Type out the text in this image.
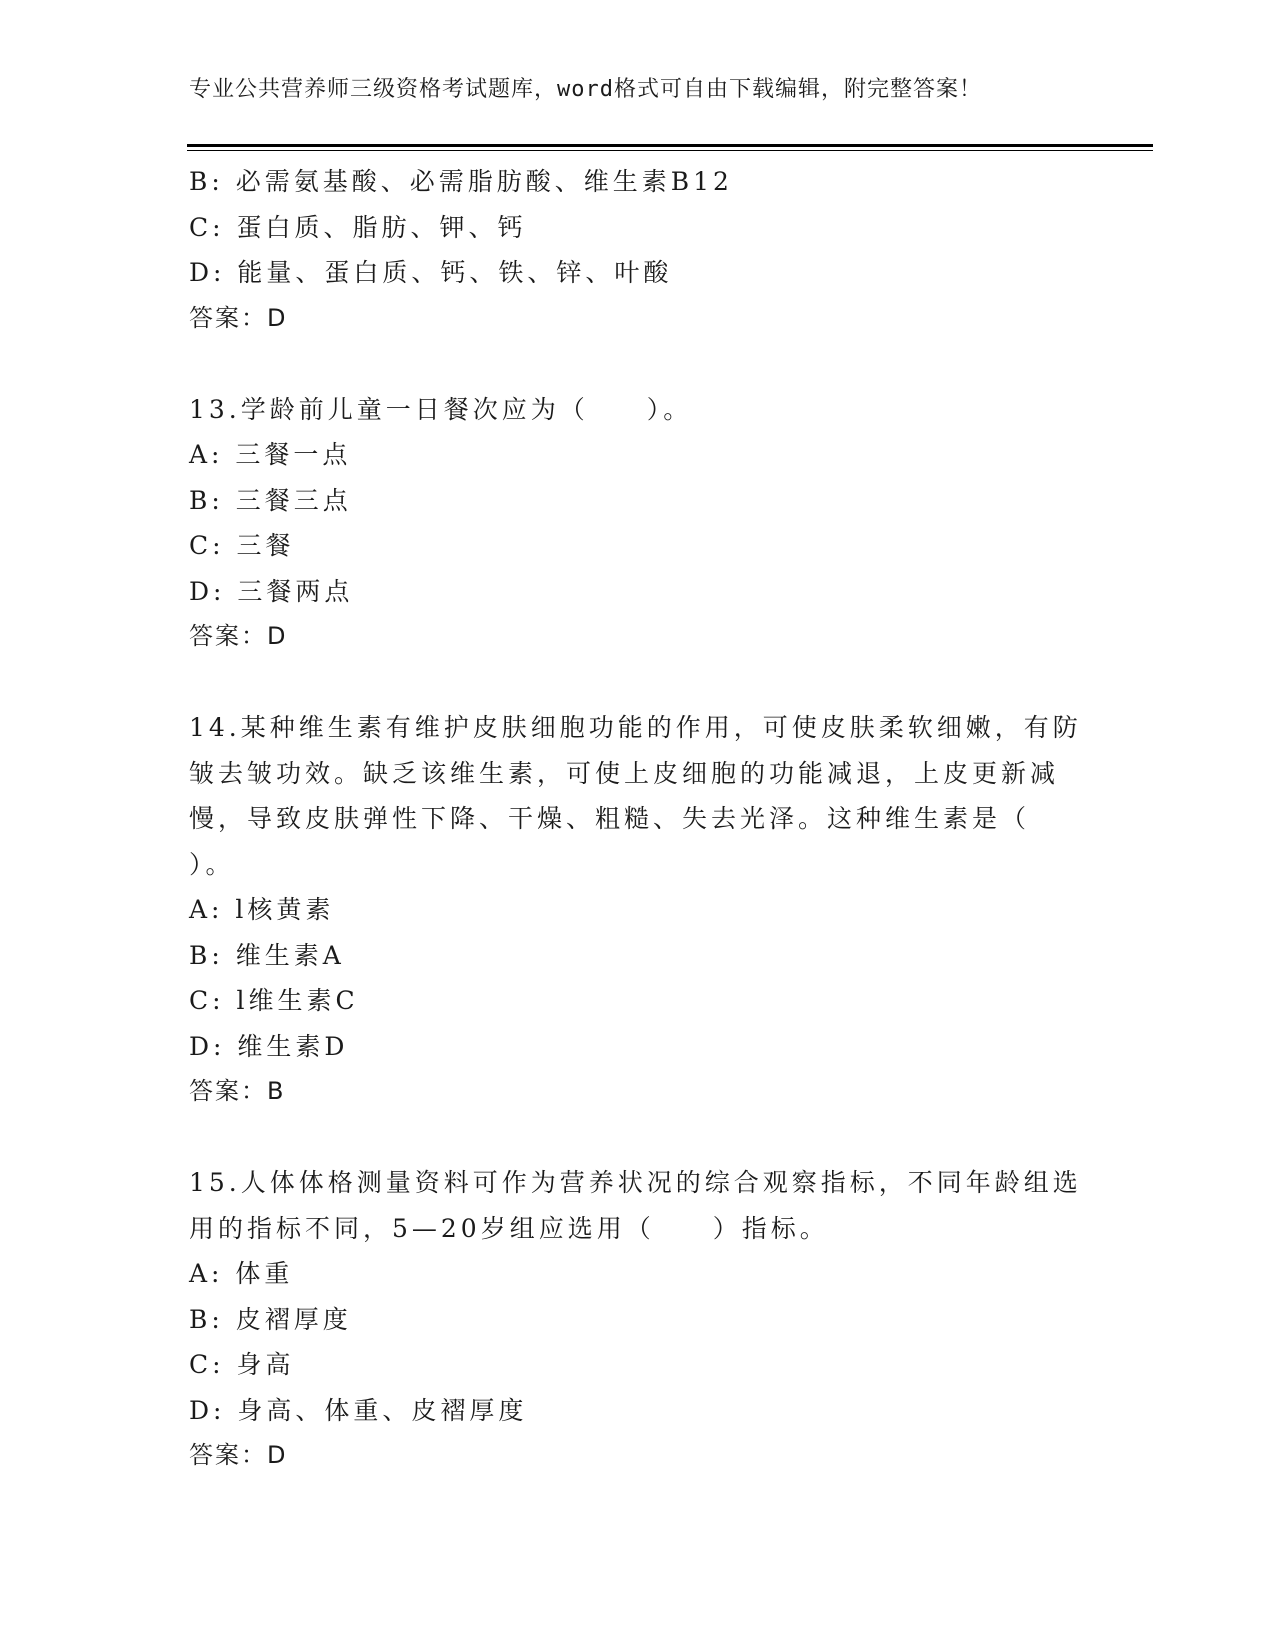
专业公共营养师三级资格考试题库，word格式可自由下载编辑，附完整答案！
B: 必需氨基酸、必需脂肪酸、维生素B12
C: 蛋白质、脂肪、钾、钙
D: 能量、蛋白质、钙、铁、锌、叶酸
答案：D
13.学龄前儿童一日餐次应为（　　）。
A: 三餐一点
B: 三餐三点
C: 三餐
D: 三餐两点
答案：D
14.某种维生素有维护皮肤细胞功能的作用，可使皮肤柔软细嫩，有防
皱去皱功效。缺乏该维生素，可使上皮细胞的功能减退，上皮更新减
慢，导致皮肤弹性下降、干燥、粗糙、失去光泽。这种维生素是（
）。
A: l核黄素
B: 维生素A
C: l维生素C
D: 维生素D
答案：B
15.人体体格测量资料可作为营养状况的综合观察指标，不同年龄组选
用的指标不同，5—20岁组应选用（　　）指标。
A: 体重
B: 皮褶厚度
C: 身高
D: 身高、体重、皮褶厚度
答案：D
